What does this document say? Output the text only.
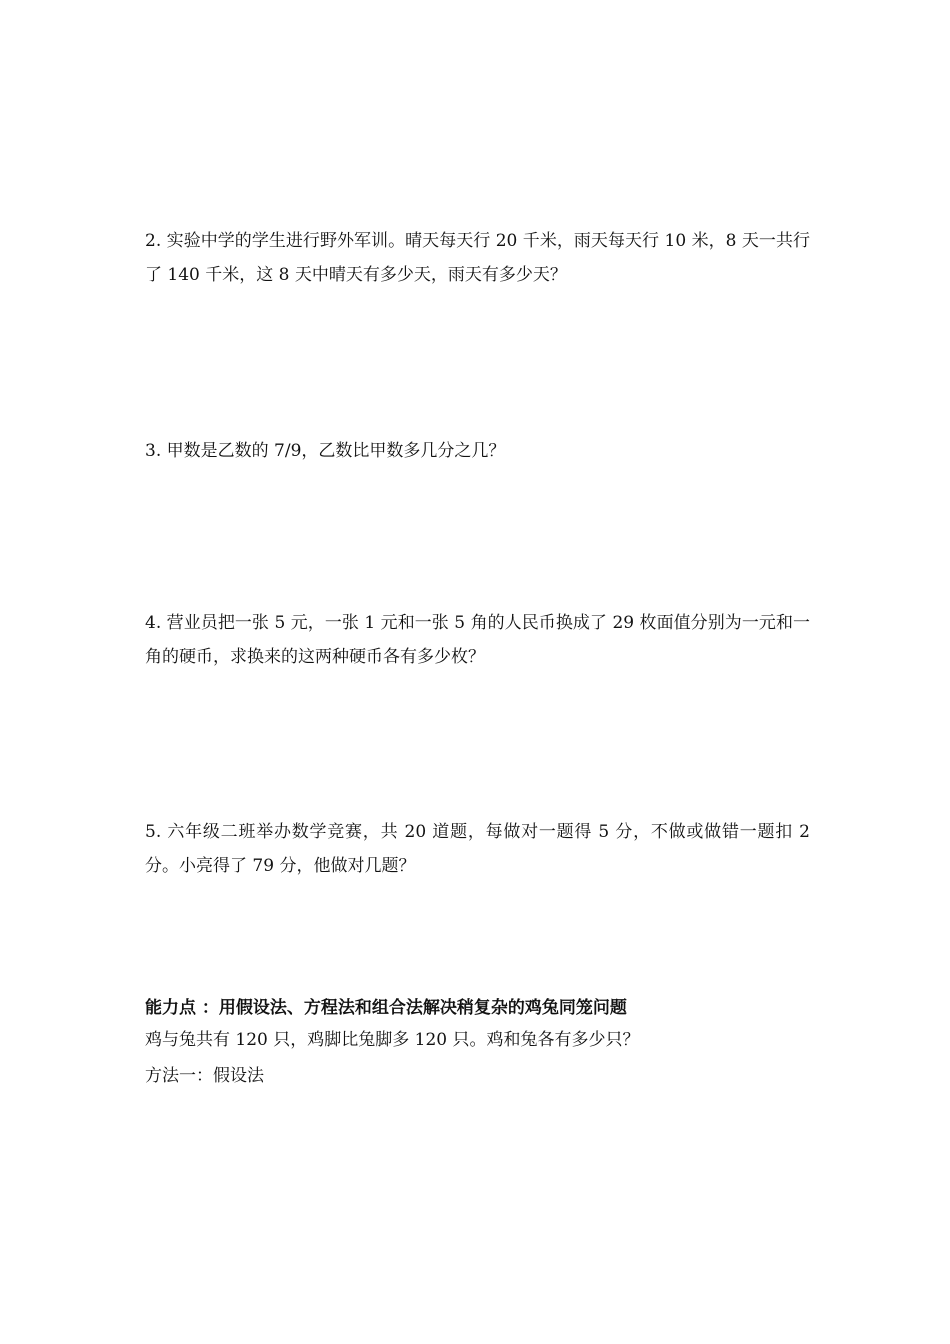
2. 实验中学的学生进行野外军训。晴天每天行 20 千米，雨天每天行 10 米，8 天一共行了 140 千米，这 8 天中晴天有多少天，雨天有多少天？

3. 甲数是乙数的 7/9，乙数比甲数多几分之几？

4. 营业员把一张 5 元，一张 1 元和一张 5 角的人民币换成了 29 枚面值分别为一元和一角的硬币，求换来的这两种硬币各有多少枚？

5. 六年级二班举办数学竞赛，共 20 道题，每做对一题得 5 分，不做或做错一题扣 2 分。小亮得了 79 分，他做对几题？

能力点 ：用假设法、方程法和组合法解决稍复杂的鸡兔同笼问题

鸡与兔共有 120 只，鸡脚比兔脚多 120 只。鸡和兔各有多少只？

方法一：假设法
